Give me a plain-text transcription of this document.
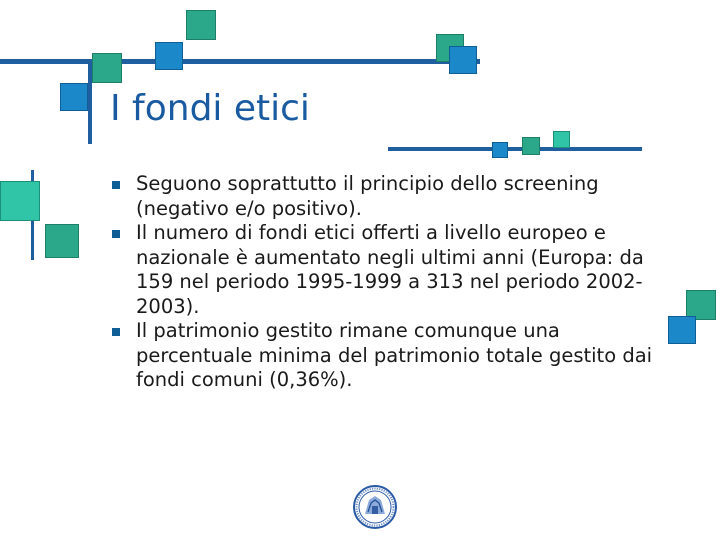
I fondi etici
Seguono soprattutto il principio dello screening (negativo e/o positivo).
Il numero di fondi etici offerti a livello europeo e nazionale è aumentato negli ultimi anni (Europa: da 159 nel periodo 1995-1999 a 313 nel periodo 2002-2003).
Il patrimonio gestito rimane comunque una percentuale minima del patrimonio totale gestito dai fondi comuni (0,36%).
